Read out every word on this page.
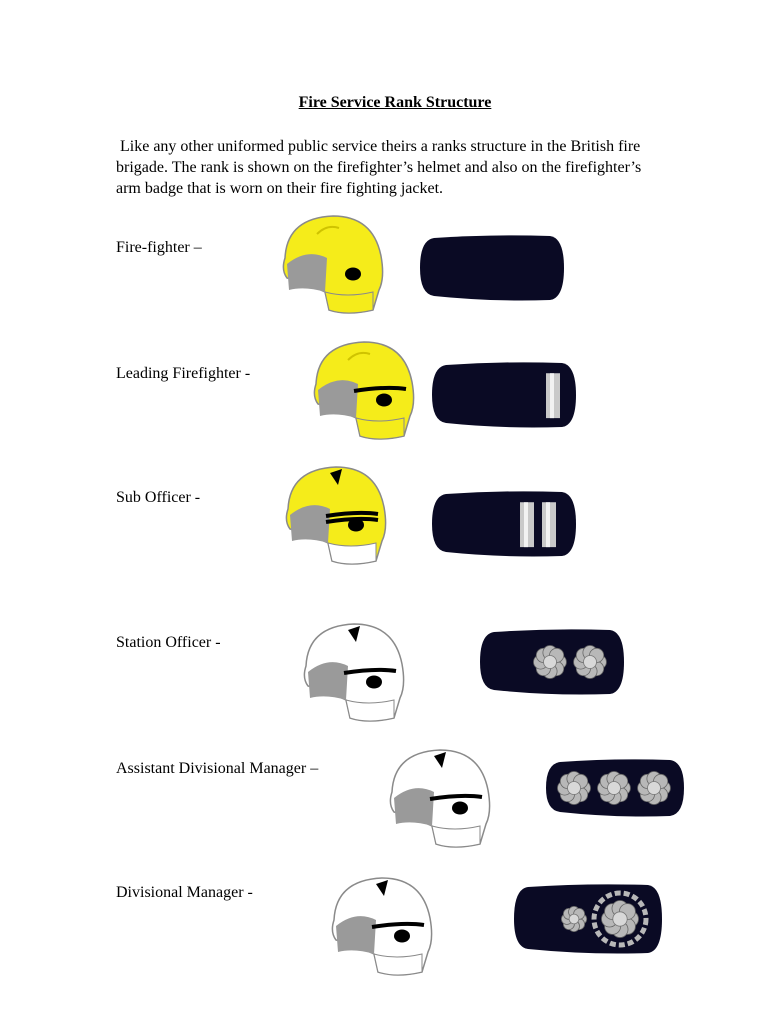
Fire Service Rank Structure
Like any other uniformed public service theirs a ranks structure in the British fire brigade. The rank is shown on the firefighter’s helmet and also on the firefighter’s arm badge that is worn on their fire fighting jacket.
Fire-fighter –
Leading Firefighter -
Sub Officer -
Station Officer -
Assistant Divisional Manager –
Divisional Manager -
